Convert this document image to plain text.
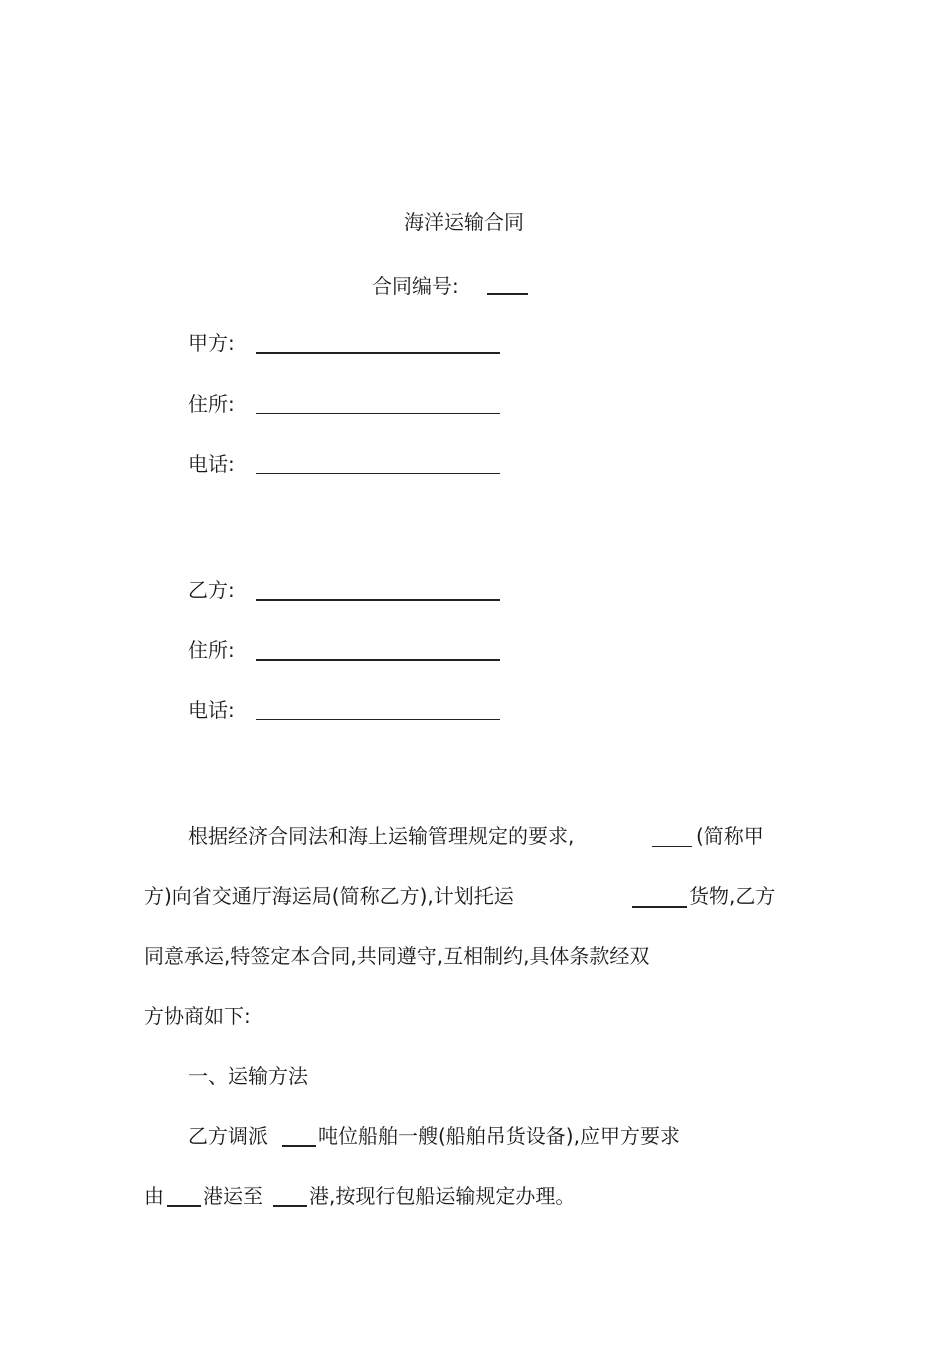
海洋运输合同
合同编号:
甲方:
住所:
电话:
乙方:
住所:
电话:
根据经济合同法和海上运输管理规定的要求,	(简称甲
方)向省交通厅海运局(简称乙方),计划托运	货物,乙方
同意承运,特签定本合同,共同遵守,互相制约,具体条款经双
方协商如下:
一、运输方法
乙方调派	吨位船舶一艘(船舶吊货设备),应甲方要求
由 港运至 港,按现行包船运输规定办理。
